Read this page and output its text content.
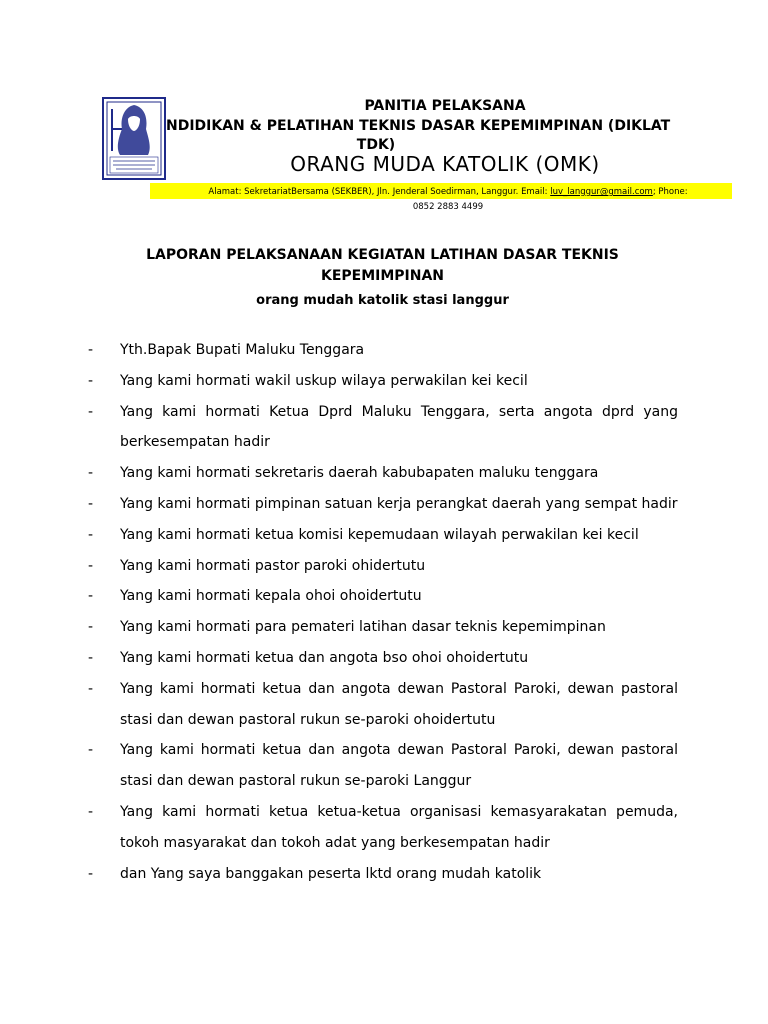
PANITIA PELAKSANA
NDIDIKAN & PELATIHAN TEKNIS DASAR KEPEMIMPINAN (DIKLAT
TDK)
ORANG MUDA KATOLIK (OMK)
Alamat: SekretariatBersama (SEKBER), Jln. Jenderal Soedirman, Langgur. Email: luv_langgur@gmail.com; Phone:
0852 2883 4499
LAPORAN PELAKSANAAN KEGIATAN LATIHAN DASAR TEKNIS KEPEMIMPINAN
orang mudah katolik stasi langgur
- Yth.Bapak Bupati Maluku Tenggara
- Yang kami hormati wakil uskup wilaya perwakilan kei kecil
- Yang kami hormati Ketua Dprd Maluku Tenggara, serta angota dprd yang berkesempatan hadir
- Yang kami hormati sekretaris daerah kabubapaten maluku tenggara
- Yang kami hormati pimpinan satuan kerja perangkat daerah yang sempat hadir
- Yang kami hormati ketua komisi kepemudaan wilayah perwakilan kei kecil
- Yang kami hormati pastor paroki ohidertutu
- Yang kami hormati kepala ohoi ohoidertutu
- Yang kami hormati para pemateri latihan dasar teknis kepemimpinan
- Yang kami hormati ketua dan angota bso ohoi ohoidertutu
- Yang kami hormati ketua dan angota dewan Pastoral Paroki, dewan pastoral stasi dan dewan pastoral rukun se-paroki ohoidertutu
- Yang kami hormati ketua dan angota dewan Pastoral Paroki, dewan pastoral stasi dan dewan pastoral rukun se-paroki Langgur
- Yang kami hormati ketua ketua-ketua organisasi kemasyarakatan pemuda, tokoh masyarakat dan tokoh adat yang berkesempatan hadir
- dan Yang saya banggakan peserta lktd orang mudah katolik
